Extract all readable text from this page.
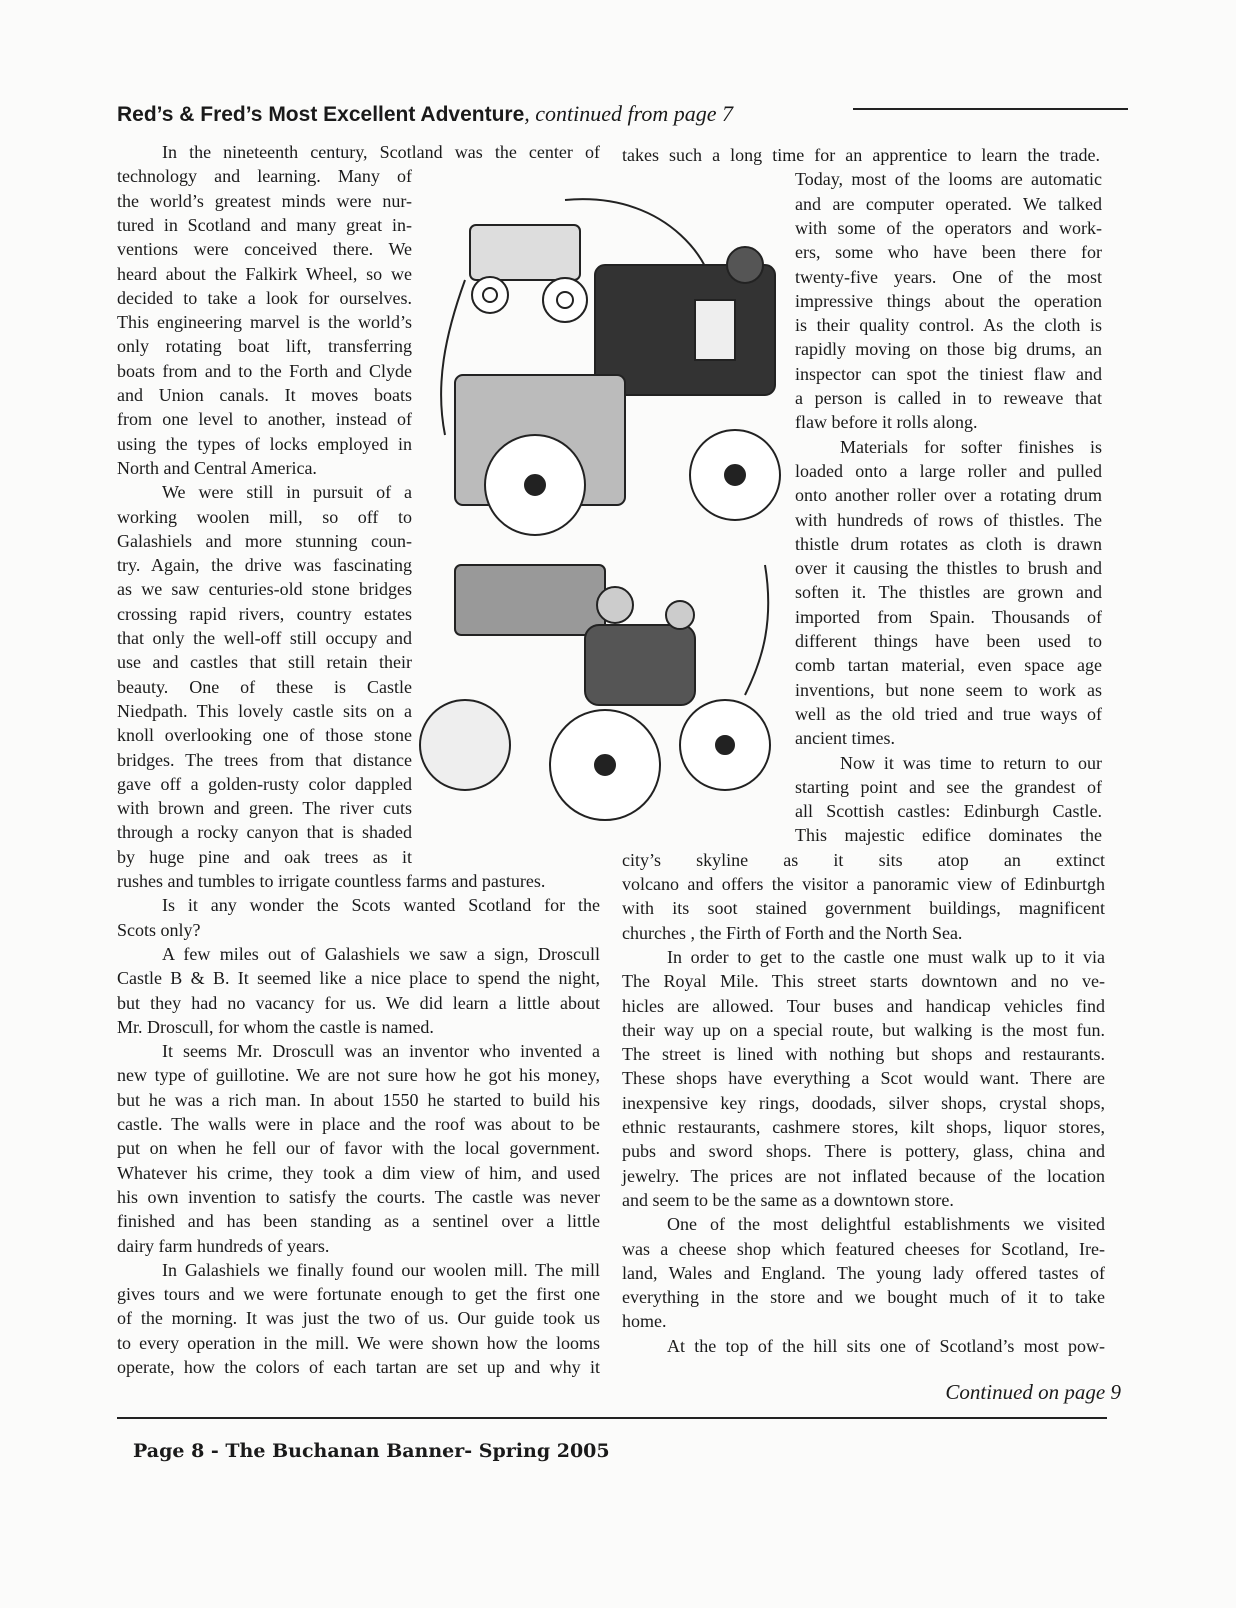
Red’s & Fred’s Most Excellent Adventure, continued from page 7
In the nineteenth century, Scotland was the center of
technology and learning. Many of
the world’s greatest minds were nur-
tured in Scotland and many great in-
ventions were conceived there. We
heard about the Falkirk Wheel, so we
decided to take a look for ourselves.
This engineering marvel is the world’s
only rotating boat lift, transferring
boats from and to the Forth and Clyde
and Union canals. It moves boats
from one level to another, instead of
using the types of locks employed in
North and Central America.
We were still in pursuit of a
working woolen mill, so off to
Galashiels and more stunning coun-
try. Again, the drive was fascinating
as we saw centuries-old stone bridges
crossing rapid rivers, country estates
that only the well-off still occupy and
use and castles that still retain their
beauty. One of these is Castle
Niedpath. This lovely castle sits on a
knoll overlooking one of those stone
bridges. The trees from that distance
gave off a golden-rusty color dappled
with brown and green. The river cuts
through a rocky canyon that is shaded
by huge pine and oak trees as it
rushes and tumbles to irrigate countless farms and pastures.
Is it any wonder the Scots wanted Scotland for the
Scots only?
A few miles out of Galashiels we saw a sign, Droscull
Castle B & B. It seemed like a nice place to spend the night,
but they had no vacancy for us. We did learn a little about
Mr. Droscull, for whom the castle is named.
It seems Mr. Droscull was an inventor who invented a
new type of guillotine. We are not sure how he got his money,
but he was a rich man. In about 1550 he started to build his
castle. The walls were in place and the roof was about to be
put on when he fell our of favor with the local government.
Whatever his crime, they took a dim view of him, and used
his own invention to satisfy the courts. The castle was never
finished and has been standing as a sentinel over a little
dairy farm hundreds of years.
In Galashiels we finally found our woolen mill. The mill
gives tours and we were fortunate enough to get the first one
of the morning. It was just the two of us. Our guide took us
to every operation in the mill. We were shown how the looms
operate, how the colors of each tartan are set up and why it
takes such a long time for an apprentice to learn the trade.
Today, most of the looms are automatic
and are computer operated. We talked
with some of the operators and work-
ers, some who have been there for
twenty-five years. One of the most
impressive things about the operation
is their quality control. As the cloth is
rapidly moving on those big drums, an
inspector can spot the tiniest flaw and
a person is called in to reweave that
flaw before it rolls along.
Materials for softer finishes is
loaded onto a large roller and pulled
onto another roller over a rotating drum
with hundreds of rows of thistles. The
thistle drum rotates as cloth is drawn
over it causing the thistles to brush and
soften it. The thistles are grown and
imported from Spain. Thousands of
different things have been used to
comb tartan material, even space age
inventions, but none seem to work as
well as the old tried and true ways of
ancient times.
Now it was time to return to our
starting point and see the grandest of
all Scottish castles: Edinburgh Castle.
This majestic edifice dominates the
city’s skyline as it sits atop an extinct
volcano and offers the visitor a panoramic view of Edinburtgh
with its soot stained government buildings, magnificent
churches , the Firth of Forth and the North Sea.
In order to get to the castle one must walk up to it via
The Royal Mile. This street starts downtown and no ve-
hicles are allowed. Tour buses and handicap vehicles find
their way up on a special route, but walking is the most fun.
The street is lined with nothing but shops and restaurants.
These shops have everything a Scot would want. There are
inexpensive key rings, doodads, silver shops, crystal shops,
ethnic restaurants, cashmere stores, kilt shops, liquor stores,
pubs and sword shops. There is pottery, glass, china and
jewelry. The prices are not inflated because of the location
and seem to be the same as a downtown store.
One of the most delightful establishments we visited
was a cheese shop which featured cheeses for Scotland, Ire-
land, Wales and England. The young lady offered tastes of
everything in the store and we bought much of it to take
home.
At the top of the hill sits one of Scotland’s most pow-
Continued on page 9
Page 8 - The Buchanan Banner- Spring 2005
